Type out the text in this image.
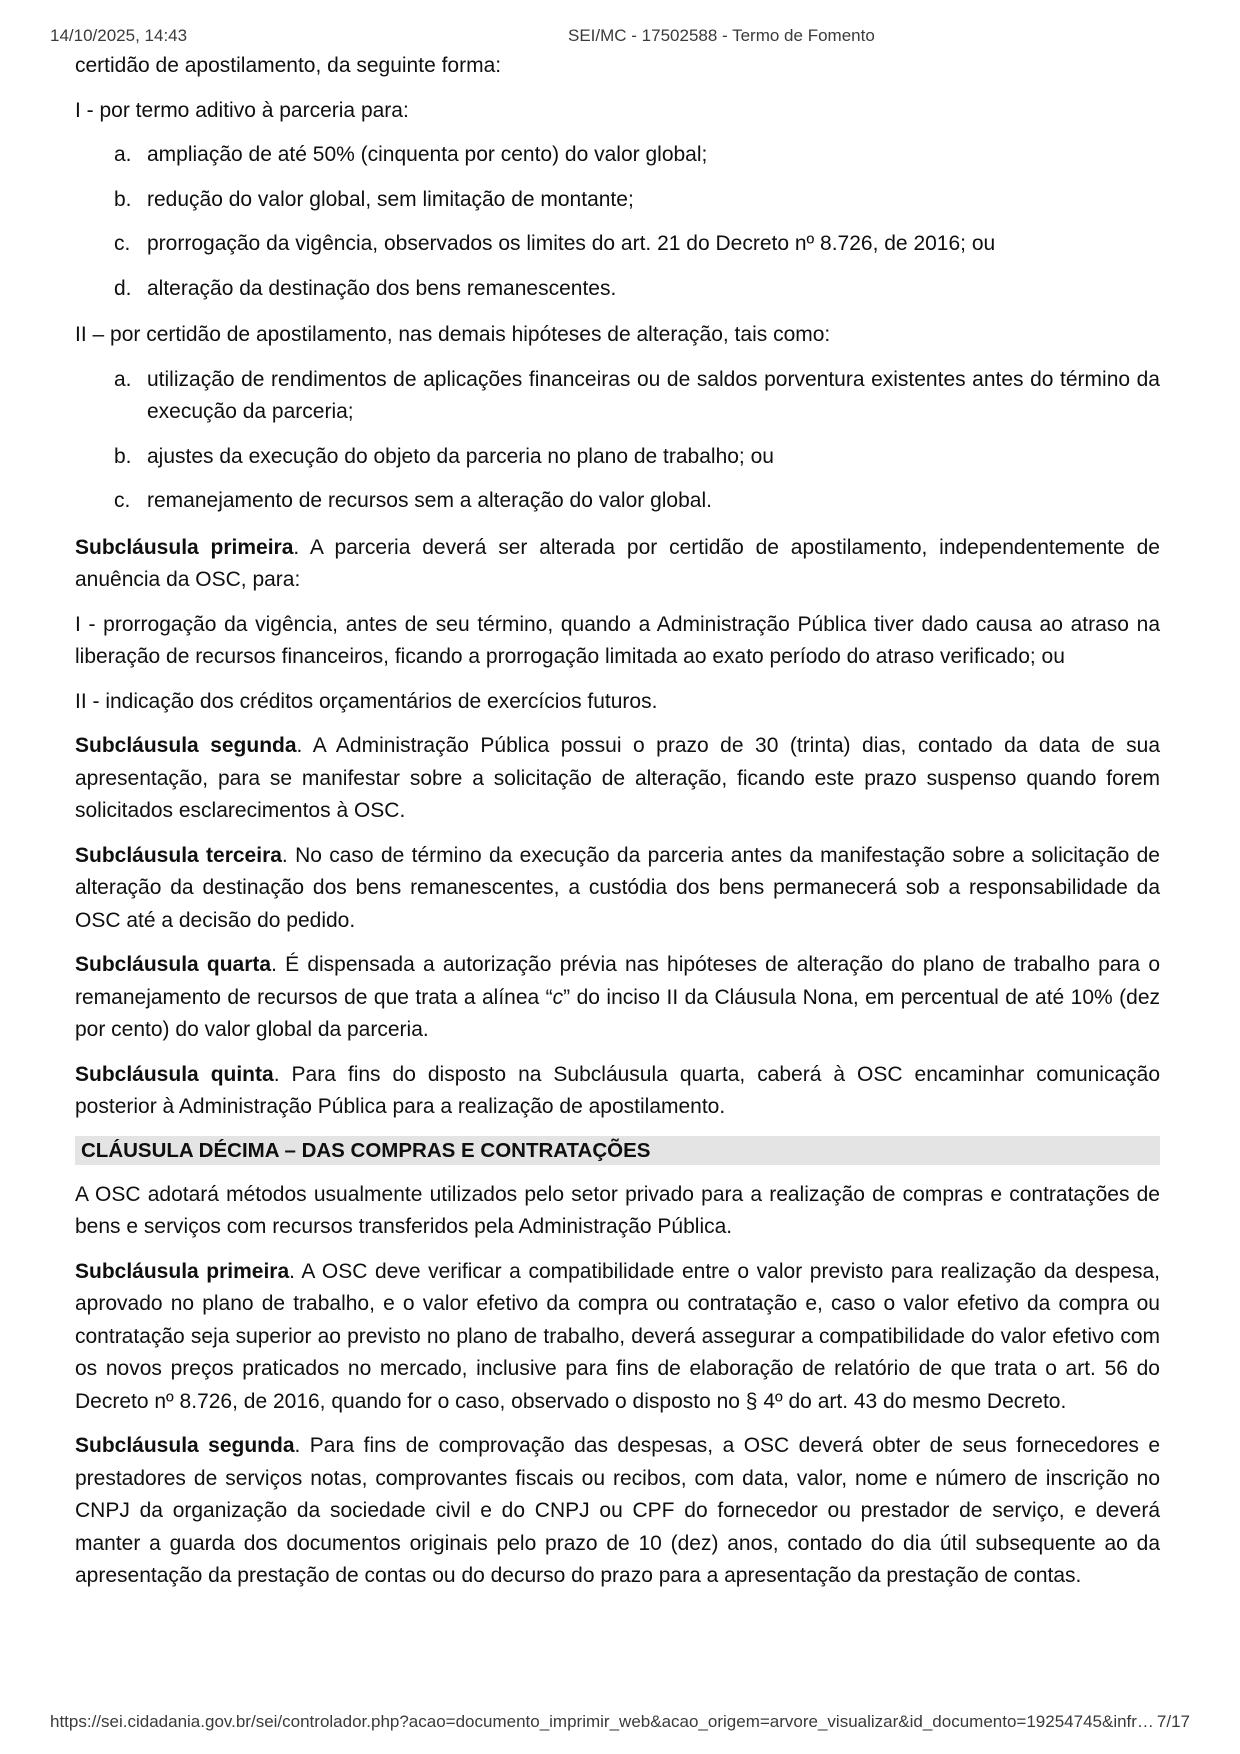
14/10/2025, 14:43	SEI/MC - 17502588 - Termo de Fomento

certidão de apostilamento, da seguinte forma:

I - por termo aditivo à parceria para:

a. ampliação de até 50% (cinquenta por cento) do valor global;
b. redução do valor global, sem limitação de montante;
c. prorrogação da vigência, observados os limites do art. 21 do Decreto nº 8.726, de 2016; ou
d. alteração da destinação dos bens remanescentes.

II – por certidão de apostilamento, nas demais hipóteses de alteração, tais como:

a. utilização de rendimentos de aplicações financeiras ou de saldos porventura existentes antes do término da execução da parceria;
b. ajustes da execução do objeto da parceria no plano de trabalho; ou
c. remanejamento de recursos sem a alteração do valor global.

Subcláusula primeira. A parceria deverá ser alterada por certidão de apostilamento, independentemente de anuência da OSC, para:

I - prorrogação da vigência, antes de seu término, quando a Administração Pública tiver dado causa ao atraso na liberação de recursos financeiros, ficando a prorrogação limitada ao exato período do atraso verificado; ou

II - indicação dos créditos orçamentários de exercícios futuros.

Subcláusula segunda. A Administração Pública possui o prazo de 30 (trinta) dias, contado da data de sua apresentação, para se manifestar sobre a solicitação de alteração, ficando este prazo suspenso quando forem solicitados esclarecimentos à OSC.

Subcláusula terceira. No caso de término da execução da parceria antes da manifestação sobre a solicitação de alteração da destinação dos bens remanescentes, a custódia dos bens permanecerá sob a responsabilidade da OSC até a decisão do pedido.

Subcláusula quarta. É dispensada a autorização prévia nas hipóteses de alteração do plano de trabalho para o remanejamento de recursos de que trata a alínea “c” do inciso II da Cláusula Nona, em percentual de até 10% (dez por cento) do valor global da parceria.

Subcláusula quinta. Para fins do disposto na Subcláusula quarta, caberá à OSC encaminhar comunicação posterior à Administração Pública para a realização de apostilamento.

CLÁUSULA DÉCIMA – DAS COMPRAS E CONTRATAÇÕES

A OSC adotará métodos usualmente utilizados pelo setor privado para a realização de compras e contratações de bens e serviços com recursos transferidos pela Administração Pública.

Subcláusula primeira. A OSC deve verificar a compatibilidade entre o valor previsto para realização da despesa, aprovado no plano de trabalho, e o valor efetivo da compra ou contratação e, caso o valor efetivo da compra ou contratação seja superior ao previsto no plano de trabalho, deverá assegurar a compatibilidade do valor efetivo com os novos preços praticados no mercado, inclusive para fins de elaboração de relatório de que trata o art. 56 do Decreto nº 8.726, de 2016, quando for o caso, observado o disposto no § 4º do art. 43 do mesmo Decreto.

Subcláusula segunda. Para fins de comprovação das despesas, a OSC deverá obter de seus fornecedores e prestadores de serviços notas, comprovantes fiscais ou recibos, com data, valor, nome e número de inscrição no CNPJ da organização da sociedade civil e do CNPJ ou CPF do fornecedor ou prestador de serviço, e deverá manter a guarda dos documentos originais pelo prazo de 10 (dez) anos, contado do dia útil subsequente ao da apresentação da prestação de contas ou do decurso do prazo para a apresentação da prestação de contas.

https://sei.cidadania.gov.br/sei/controlador.php?acao=documento_imprimir_web&acao_origem=arvore_visualizar&id_documento=19254745&infr… 7/17
